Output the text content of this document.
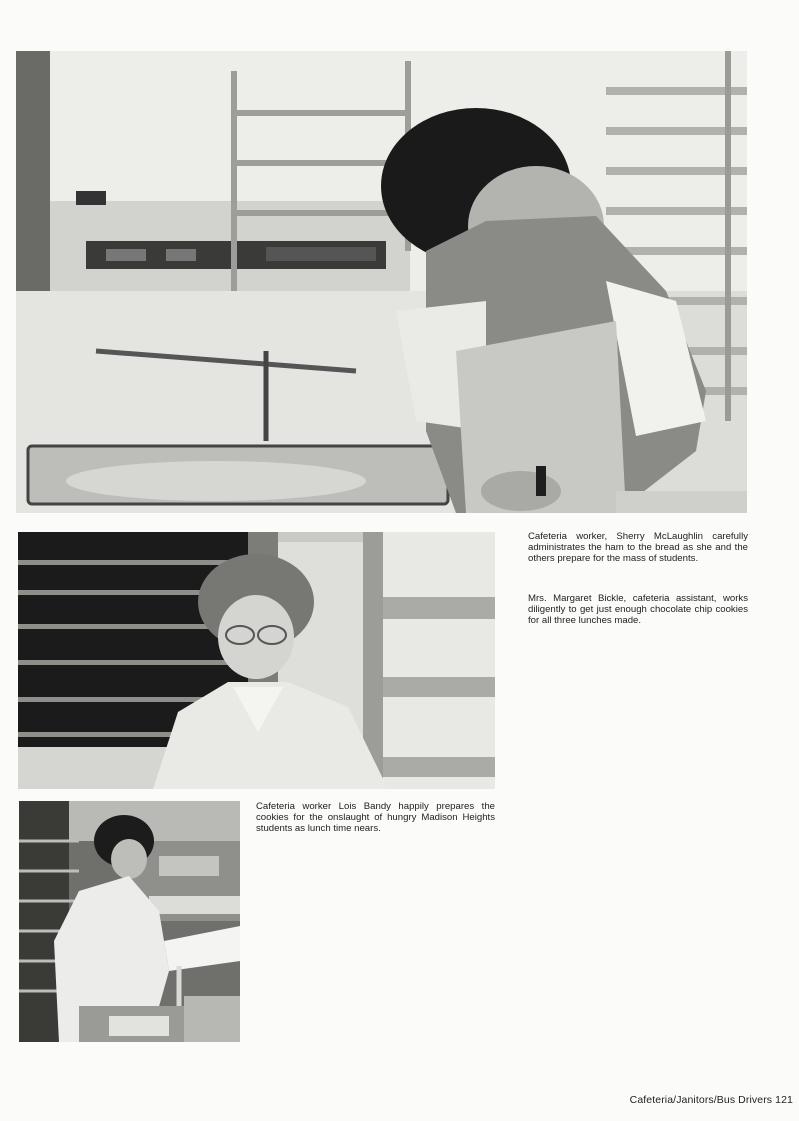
Cafeteria worker, Sherry McLaughlin carefully administrates the ham to the bread as she and the others prepare for the mass of students.

Mrs. Margaret Bickle, cafeteria assistant, works diligently to get just enough chocolate chip cookies for all three lunches made.

Cafeteria worker Lois Bandy happily prepares the cookies for the onslaught of hungry Madison Heights students as lunch time nears.

Cafeteria/Janitors/Bus Drivers 121
